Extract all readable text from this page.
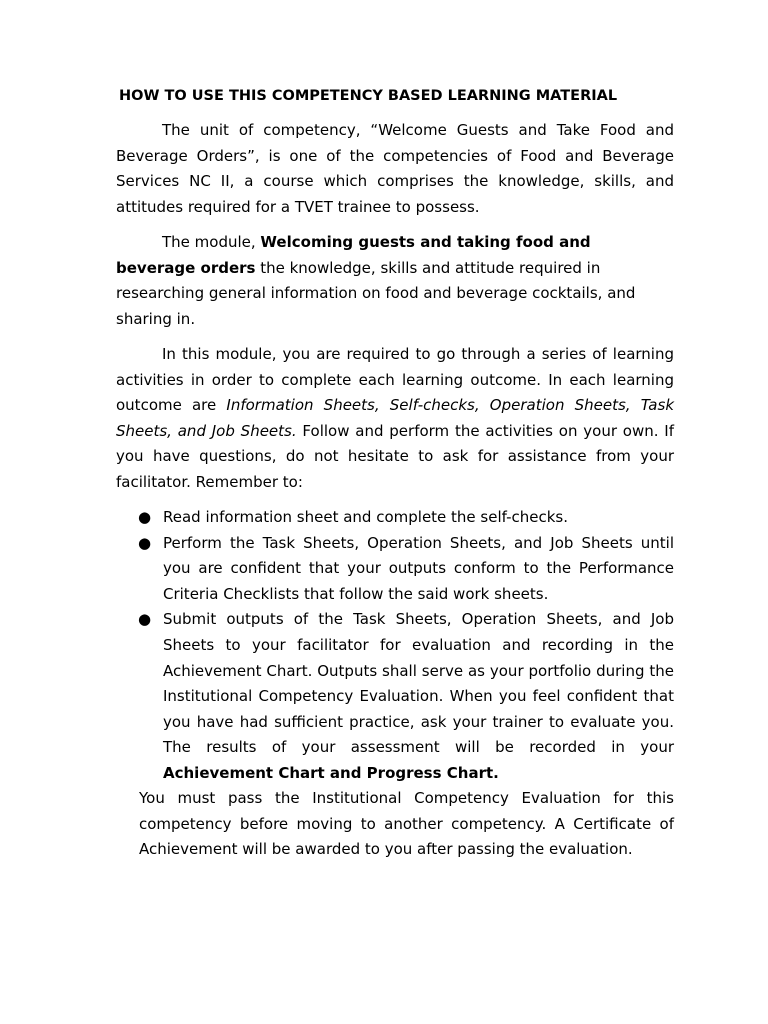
HOW TO USE THIS COMPETENCY BASED LEARNING MATERIAL

The unit of competency, “Welcome Guests and Take Food and Beverage Orders”, is one of the competencies of Food and Beverage Services NC II, a course which comprises the knowledge, skills, and attitudes required for a TVET trainee to possess.

The module, Welcoming guests and taking food and beverage orders the knowledge, skills and attitude required in researching general information on food and beverage cocktails, and sharing in.

In this module, you are required to go through a series of learning activities in order to complete each learning outcome. In each learning outcome are Information Sheets, Self-checks, Operation Sheets, Task Sheets, and Job Sheets. Follow and perform the activities on your own. If you have questions, do not hesitate to ask for assistance from your facilitator. Remember to:

● Read information sheet and complete the self-checks.
● Perform the Task Sheets, Operation Sheets, and Job Sheets until you are confident that your outputs conform to the Performance Criteria Checklists that follow the said work sheets.
● Submit outputs of the Task Sheets, Operation Sheets, and Job Sheets to your facilitator for evaluation and recording in the Achievement Chart. Outputs shall serve as your portfolio during the Institutional Competency Evaluation. When you feel confident that you have had sufficient practice, ask your trainer to evaluate you. The results of your assessment will be recorded in your Achievement Chart and Progress Chart.

You must pass the Institutional Competency Evaluation for this competency before moving to another competency. A Certificate of Achievement will be awarded to you after passing the evaluation.
